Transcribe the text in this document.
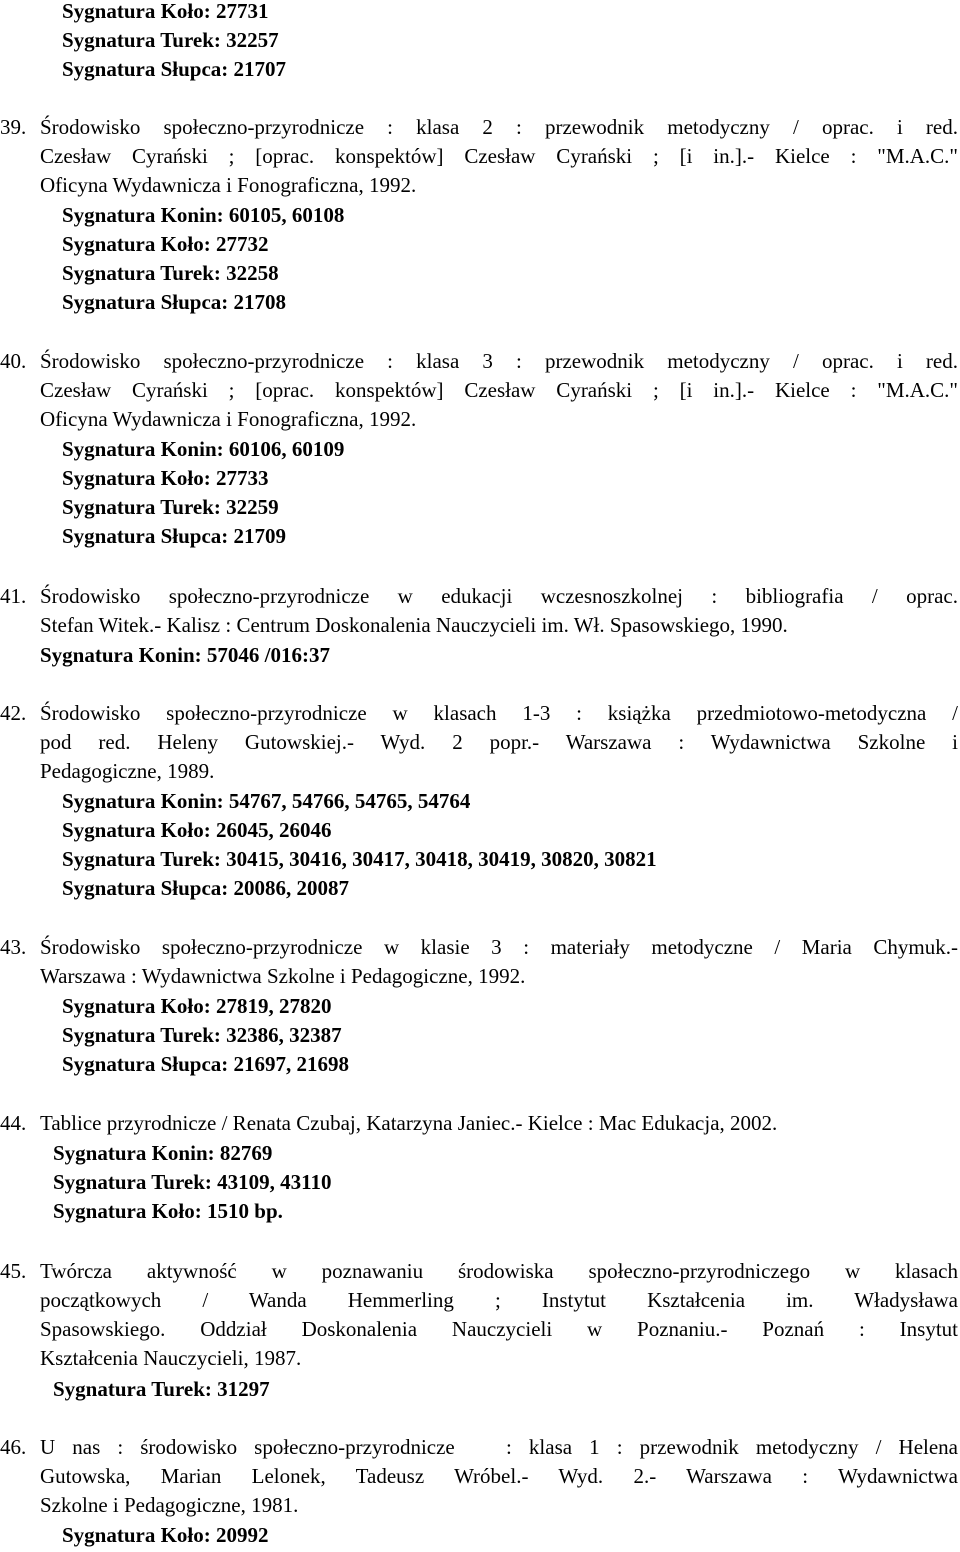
Sygnatura Koło: 27731
Sygnatura Turek: 32257
Sygnatura Słupca: 21707
39. Środowisko społeczno-przyrodnicze : klasa 2 : przewodnik metodyczny / oprac. i red.
Czesław Cyrański ; [oprac. konspektów] Czesław Cyrański ; [i in.].- Kielce : "M.A.C."
Oficyna Wydawnicza i Fonograficzna, 1992.
Sygnatura Konin: 60105, 60108
Sygnatura Koło: 27732
Sygnatura Turek: 32258
Sygnatura Słupca: 21708
40. Środowisko społeczno-przyrodnicze : klasa 3 : przewodnik metodyczny / oprac. i red.
Czesław Cyrański ; [oprac. konspektów] Czesław Cyrański ; [i in.].- Kielce : "M.A.C."
Oficyna Wydawnicza i Fonograficzna, 1992.
Sygnatura Konin: 60106, 60109
Sygnatura Koło: 27733
Sygnatura Turek: 32259
Sygnatura Słupca: 21709
41. Środowisko społeczno-przyrodnicze w edukacji wczesnoszkolnej : bibliografia / oprac.
Stefan Witek.- Kalisz : Centrum Doskonalenia Nauczycieli im. Wł. Spasowskiego, 1990.
Sygnatura Konin: 57046 /016:37
42. Środowisko społeczno-przyrodnicze w klasach 1-3 : książka przedmiotowo-metodyczna /
pod red. Heleny Gutowskiej.- Wyd. 2 popr.- Warszawa : Wydawnictwa Szkolne i
Pedagogiczne, 1989.
Sygnatura Konin: 54767, 54766, 54765, 54764
Sygnatura Koło: 26045, 26046
Sygnatura Turek: 30415, 30416, 30417, 30418, 30419, 30820, 30821
Sygnatura Słupca: 20086, 20087
43. Środowisko społeczno-przyrodnicze w klasie 3 : materiały metodyczne / Maria Chymuk.-
Warszawa : Wydawnictwa Szkolne i Pedagogiczne, 1992.
Sygnatura Koło: 27819, 27820
Sygnatura Turek: 32386, 32387
Sygnatura Słupca: 21697, 21698
44. Tablice przyrodnicze / Renata Czubaj, Katarzyna Janiec.- Kielce : Mac Edukacja, 2002.
Sygnatura Konin: 82769
Sygnatura Turek: 43109, 43110
Sygnatura Koło: 1510 bp.
45. Twórcza aktywność w poznawaniu środowiska społeczno-przyrodniczego w klasach
początkowych / Wanda Hemmerling ; Instytut Kształcenia im. Władysława
Spasowskiego. Oddział Doskonalenia Nauczycieli w Poznaniu.- Poznań : Insytut
Kształcenia Nauczycieli, 1987.
Sygnatura Turek: 31297
46. U nas : środowisko społeczno-przyrodnicze   : klasa 1 : przewodnik metodyczny / Helena
Gutowska, Marian Lelonek, Tadeusz Wróbel.- Wyd. 2.- Warszawa : Wydawnictwa
Szkolne i Pedagogiczne, 1981.
Sygnatura Koło: 20992
